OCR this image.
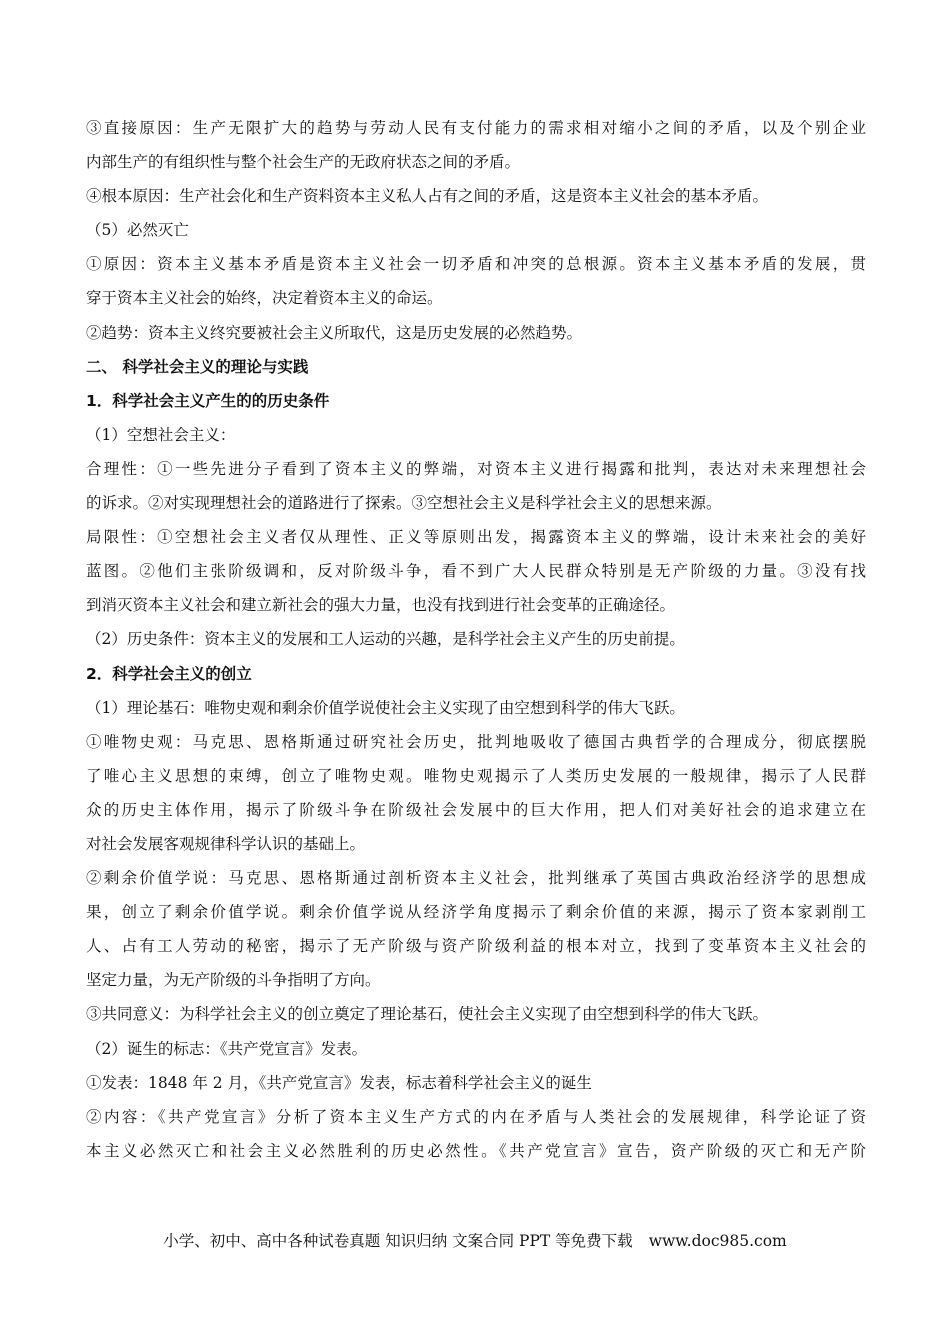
③直接原因：生产无限扩大的趋势与劳动人民有支付能力的需求相对缩小之间的矛盾，以及个别企业
内部生产的有组织性与整个社会生产的无政府状态之间的矛盾。
④根本原因：生产社会化和生产资料资本主义私人占有之间的矛盾，这是资本主义社会的基本矛盾。
（5）必然灭亡
①原因：资本主义基本矛盾是资本主义社会一切矛盾和冲突的总根源。资本主义基本矛盾的发展，贯
穿于资本主义社会的始终，决定着资本主义的命运。
②趋势：资本主义终究要被社会主义所取代，这是历史发展的必然趋势。
二、 科学社会主义的理论与实践
1．科学社会主义产生的的历史条件
（1）空想社会主义：
合理性：①一些先进分子看到了资本主义的弊端，对资本主义进行揭露和批判，表达对未来理想社会
的诉求。②对实现理想社会的道路进行了探索。③空想社会主义是科学社会主义的思想来源。
局限性：①空想社会主义者仅从理性、正义等原则出发，揭露资本主义的弊端，设计未来社会的美好
蓝图。②他们主张阶级调和，反对阶级斗争，看不到广大人民群众特别是无产阶级的力量。③没有找
到消灭资本主义社会和建立新社会的强大力量，也没有找到进行社会变革的正确途径。
（2）历史条件：资本主义的发展和工人运动的兴趣，是科学社会主义产生的历史前提。
2．科学社会主义的创立
（1）理论基石：唯物史观和剩余价值学说使社会主义实现了由空想到科学的伟大飞跃。
①唯物史观：马克思、恩格斯通过研究社会历史，批判地吸收了德国古典哲学的合理成分，彻底摆脱
了唯心主义思想的束缚，创立了唯物史观。唯物史观揭示了人类历史发展的一般规律，揭示了人民群
众的历史主体作用，揭示了阶级斗争在阶级社会发展中的巨大作用，把人们对美好社会的追求建立在
对社会发展客观规律科学认识的基础上。
②剩余价值学说：马克思、恩格斯通过剖析资本主义社会，批判继承了英国古典政治经济学的思想成
果，创立了剩余价值学说。剩余价值学说从经济学角度揭示了剩余价值的来源，揭示了资本家剥削工
人、占有工人劳动的秘密，揭示了无产阶级与资产阶级利益的根本对立，找到了变革资本主义社会的
坚定力量，为无产阶级的斗争指明了方向。
③共同意义：为科学社会主义的创立奠定了理论基石，使社会主义实现了由空想到科学的伟大飞跃。
（2）诞生的标志：《共产党宣言》发表。
①发表：1848 年 2 月，《共产党宣言》发表，标志着科学社会主义的诞生
②内容：《共产党宣言》分析了资本主义生产方式的内在矛盾与人类社会的发展规律，科学论证了资
本主义必然灭亡和社会主义必然胜利的历史必然性。《共产党宣言》宣告，资产阶级的灭亡和无产阶
小学、初中、高中各种试卷真题 知识归纳 文案合同 PPT 等免费下载 www.doc985.com
